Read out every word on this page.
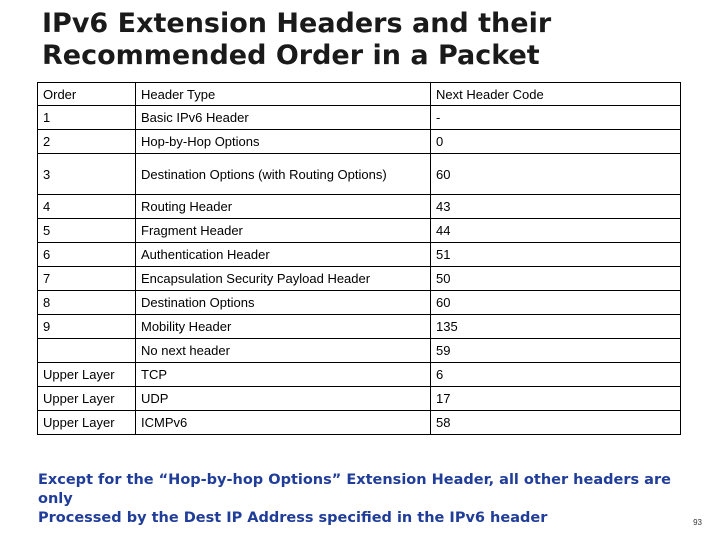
IPv6 Extension Headers and their
Recommended Order in a Packet
Order	Header Type	Next Header Code
1	Basic IPv6 Header	-
2	Hop-by-Hop Options	0
3	Destination Options (with Routing Options)	60
4	Routing Header	43
5	Fragment Header	44
6	Authentication Header	51
7	Encapsulation Security Payload Header	50
8	Destination Options	60
9	Mobility Header	135
	No next header	59
Upper Layer	TCP	6
Upper Layer	UDP	17
Upper Layer	ICMPv6	58

Except for the “Hop-by-hop Options” Extension Header, all other headers are only
Processed by the Dest IP Address specified in the IPv6 header	93
